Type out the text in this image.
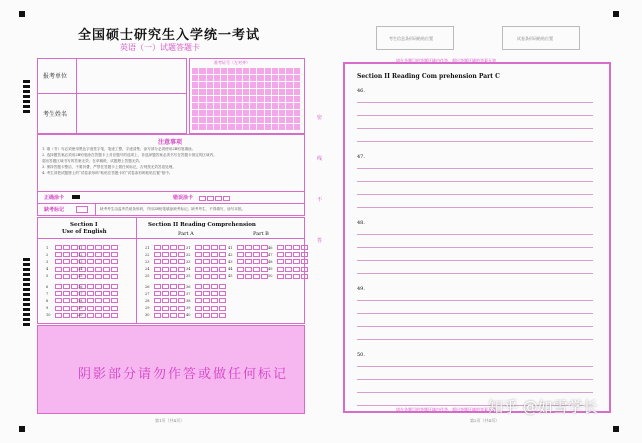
全国硕士研究生入学统一考试
英语（一）试题答题卡
报考单位
考生姓名
准考证号（左对齐）
注意事项
1. 填（书）写必须使用黑色字迹签字笔，笔迹工整，字迹清楚；涂写部分必须使用2B铅笔填涂。
2. 选择题答案必须用2B铅笔涂在答题卡上对应题号的选项上，非选择题答案必须书写在答题卡指定的区域内。
超出答题区域书写的答案无效；在草稿纸、试题册上答题无效。
3. 保持答题卡整洁，不要折叠，严禁在答题卡上做任何标记，否则按无效答卷处理。
4. 考生须把试题册上的“试卷条形码”粘贴在答题卡的“试卷条形码粘贴位置”框中。
正确涂卡	错误涂卡
缺考标记	缺考考生由监考员贴条形码，并用2B铅笔填涂缺考标记。缺考考生，不得填写，涂写本框。
Section I
Use of English
Section II Reading Comprehension
Part A	Part B
1
2
3
4
5
6
7
8
9
10
11
12
13
14
15
16
17
18
19
20
21
22
23
24
25
26
27
28
29
30
31
32
33
34
35
36
37
38
39
40
41
42
43
44
45
46
47
48
49
50
阴影部分请勿作答或做任何标记
第1页（共4页）
密
线
不
答
考生信息条形码粘贴位置	试卷条形码粘贴位置
请在各题目的答题区域内作答，超出答题区域的答案无效
Section II Reading Com prehension Part C
46.
47.
48.
49.
50.
请在各题目的答题区域内作答，超出答题区域的答案无效
第2页（共4页）
知乎 @如雪学长
